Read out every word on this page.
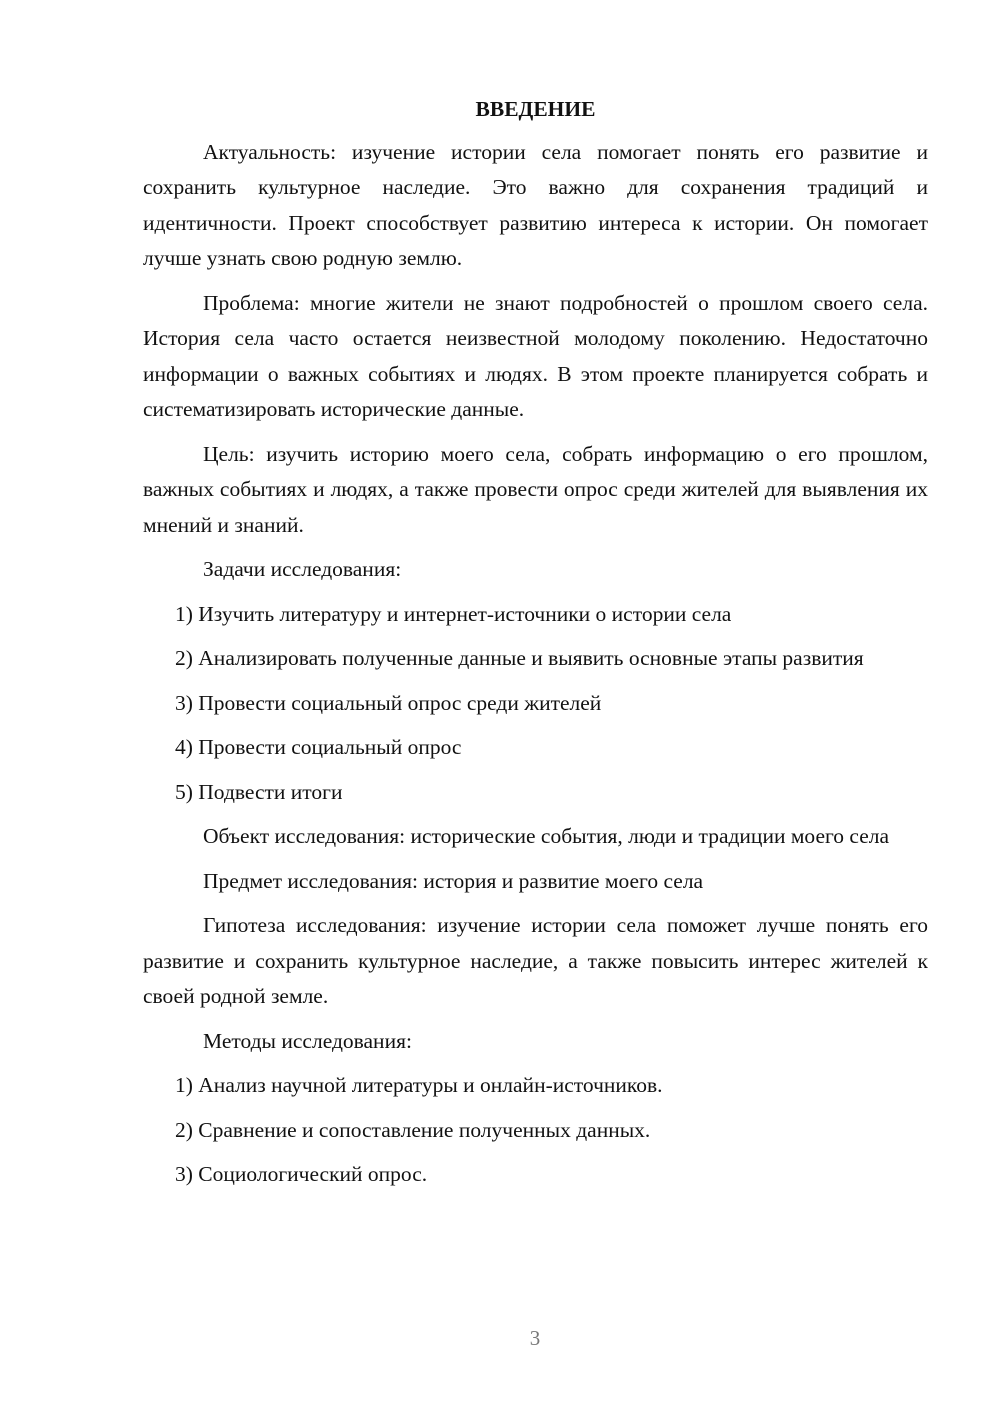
ВВЕДЕНИЕ

Актуальность: изучение истории села помогает понять его развитие и сохранить культурное наследие. Это важно для сохранения традиций и идентичности. Проект способствует развитию интереса к истории. Он помогает лучше узнать свою родную землю.

Проблема: многие жители не знают подробностей о прошлом своего села. История села часто остается неизвестной молодому поколению. Недостаточно информации о важных событиях и людях. В этом проекте планируется собрать и систематизировать исторические данные.

Цель: изучить историю моего села, собрать информацию о его прошлом, важных событиях и людях, а также провести опрос среди жителей для выявления их мнений и знаний.

Задачи исследования:

1) Изучить литературу и интернет-источники о истории села

2) Анализировать полученные данные и выявить основные этапы развития

3) Провести социальный опрос среди жителей

4) Провести социальный опрос

5) Подвести итоги

Объект исследования: исторические события, люди и традиции моего села

Предмет исследования: история и развитие моего села

Гипотеза исследования: изучение истории села поможет лучше понять его развитие и сохранить культурное наследие, а также повысить интерес жителей к своей родной земле.

Методы исследования:

1) Анализ научной литературы и онлайн-источников.

2) Сравнение и сопоставление полученных данных.

3) Социологический опрос.

3
